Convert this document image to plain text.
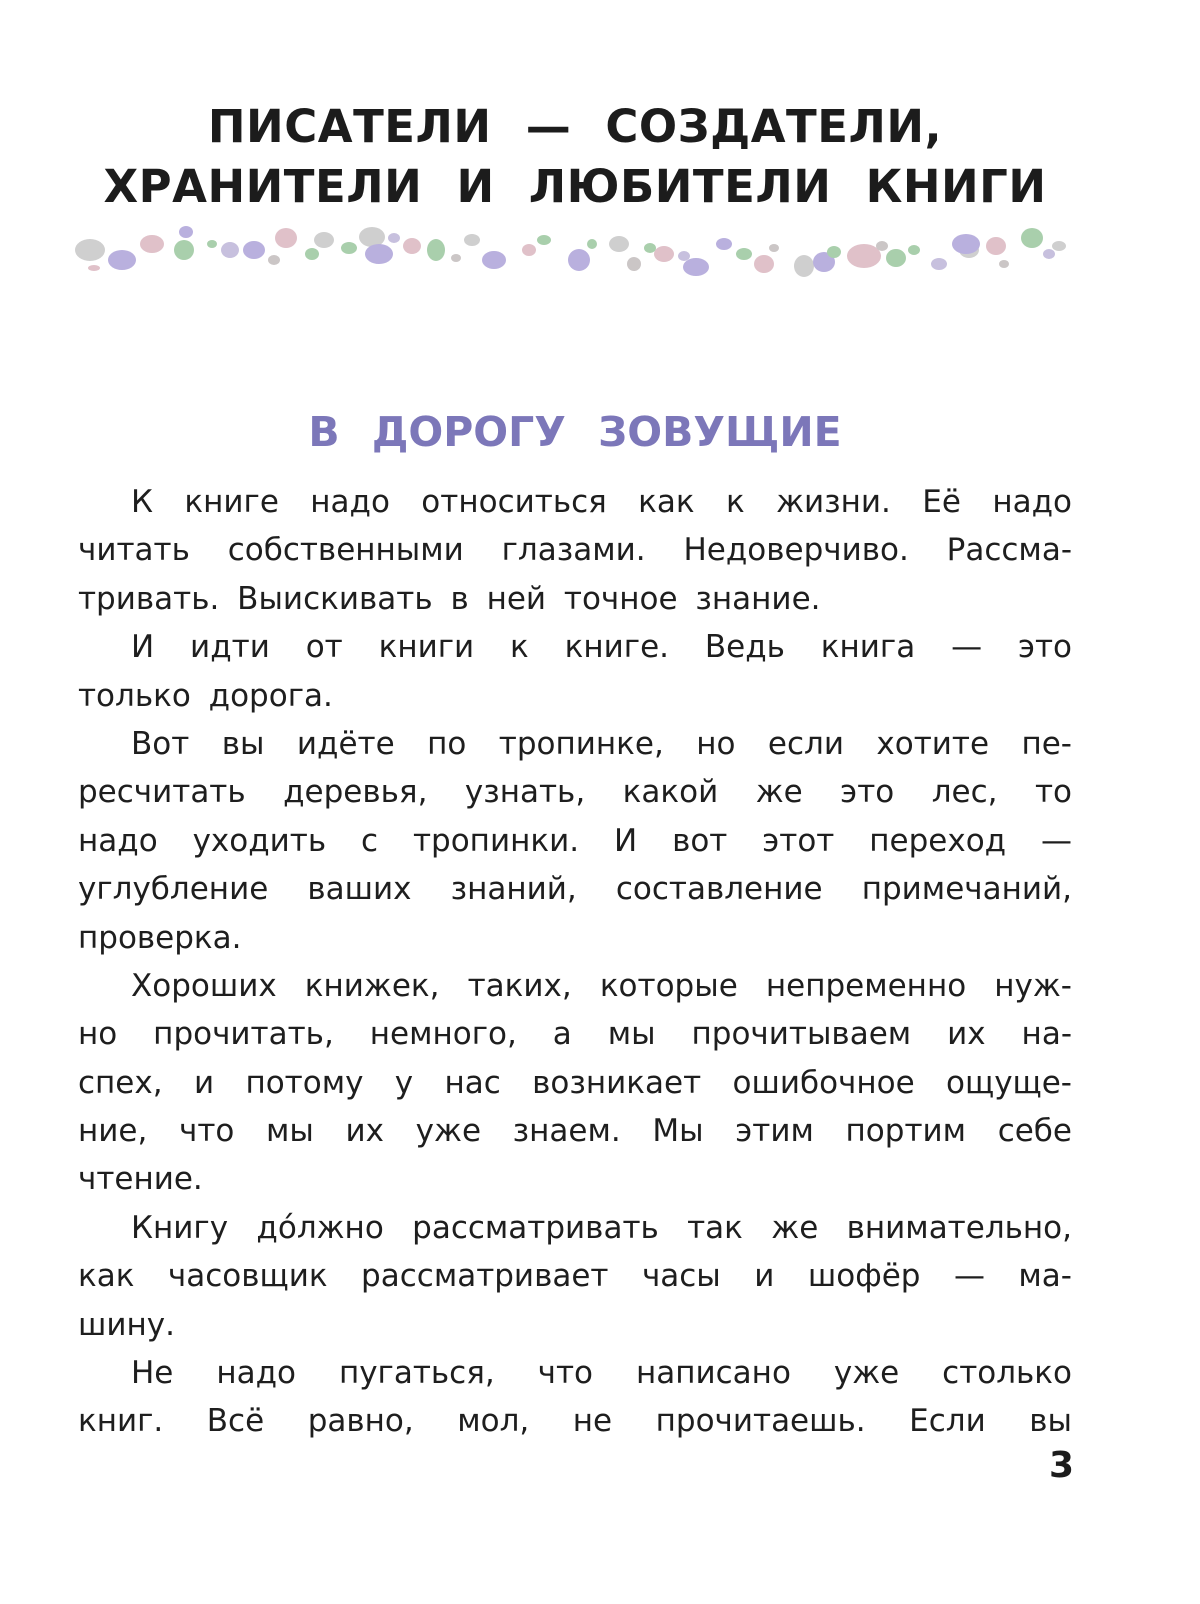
ПИСАТЕЛИ — СОЗДАТЕЛИ,
ХРАНИТЕЛИ И ЛЮБИТЕЛИ КНИГИ
В ДОРОГУ ЗОВУЩИЕ
К книге надо относиться как к жизни. Её надо
читать собственными глазами. Недоверчиво. Рассма-
тривать. Выискивать в ней точное знание.
И идти от книги к книге. Ведь книга — это
только дорога.
Вот вы идёте по тропинке, но если хотите пе-
ресчитать деревья, узнать, какой же это лес, то
надо уходить с тропинки. И вот этот переход —
углубление ваших знаний, составление примечаний,
проверка.
Хороших книжек, таких, которые непременно нуж-
но прочитать, немного, а мы прочитываем их на-
спех, и потому у нас возникает ошибочное ощуще-
ние, что мы их уже знаем. Мы этим портим себе
чтение.
Книгу до́лжно рассматривать так же внимательно,
как часовщик рассматривает часы и шофёр — ма-
шину.
Не надо пугаться, что написано уже столько
книг. Всё равно, мол, не прочитаешь. Если вы

3
